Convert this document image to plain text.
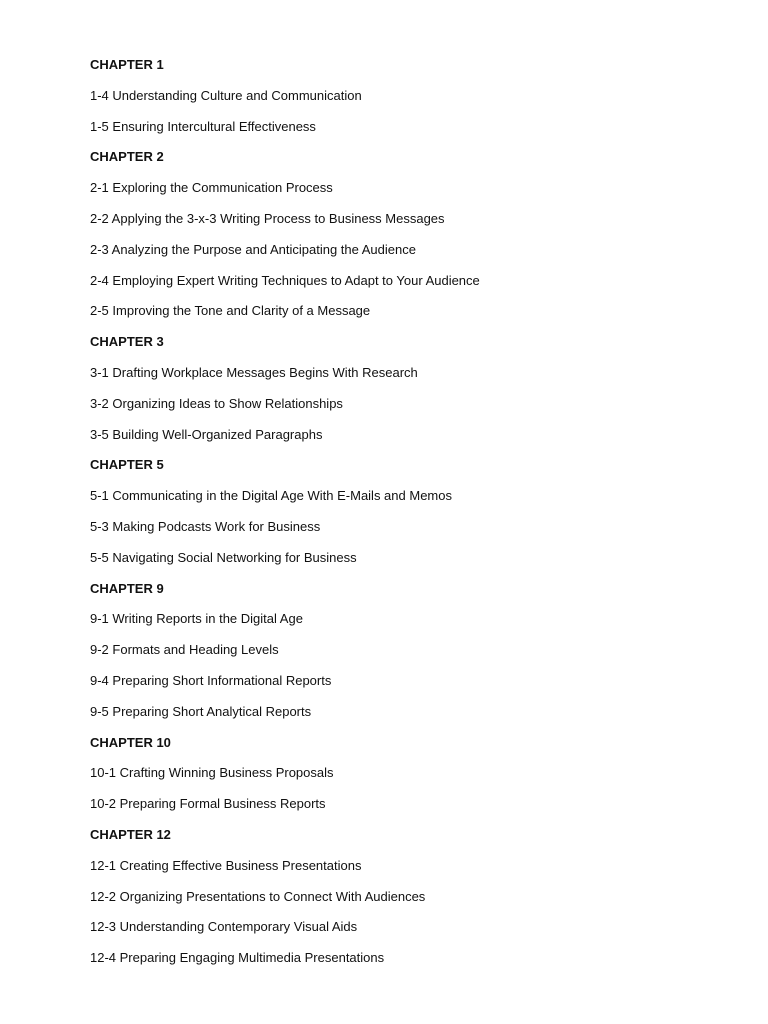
CHAPTER 1
1-4 Understanding Culture and Communication
1-5 Ensuring Intercultural Effectiveness
CHAPTER 2
2-1 Exploring the Communication Process
2-2 Applying the 3-x-3 Writing Process to Business Messages
2-3 Analyzing the Purpose and Anticipating the Audience
2-4 Employing Expert Writing Techniques to Adapt to Your Audience
2-5 Improving the Tone and Clarity of a Message
CHAPTER 3
3-1 Drafting Workplace Messages Begins With Research
3-2 Organizing Ideas to Show Relationships
3-5 Building Well-Organized Paragraphs
CHAPTER 5
5-1 Communicating in the Digital Age With E-Mails and Memos
5-3 Making Podcasts Work for Business
5-5 Navigating Social Networking for Business
CHAPTER 9
9-1 Writing Reports in the Digital Age
9-2 Formats and Heading Levels
9-4 Preparing Short Informational Reports
9-5 Preparing Short Analytical Reports
CHAPTER 10
10-1 Crafting Winning Business Proposals
10-2 Preparing Formal Business Reports
CHAPTER 12
12-1 Creating Effective Business Presentations
12-2 Organizing Presentations to Connect With Audiences
12-3 Understanding Contemporary Visual Aids
12-4 Preparing Engaging Multimedia Presentations
